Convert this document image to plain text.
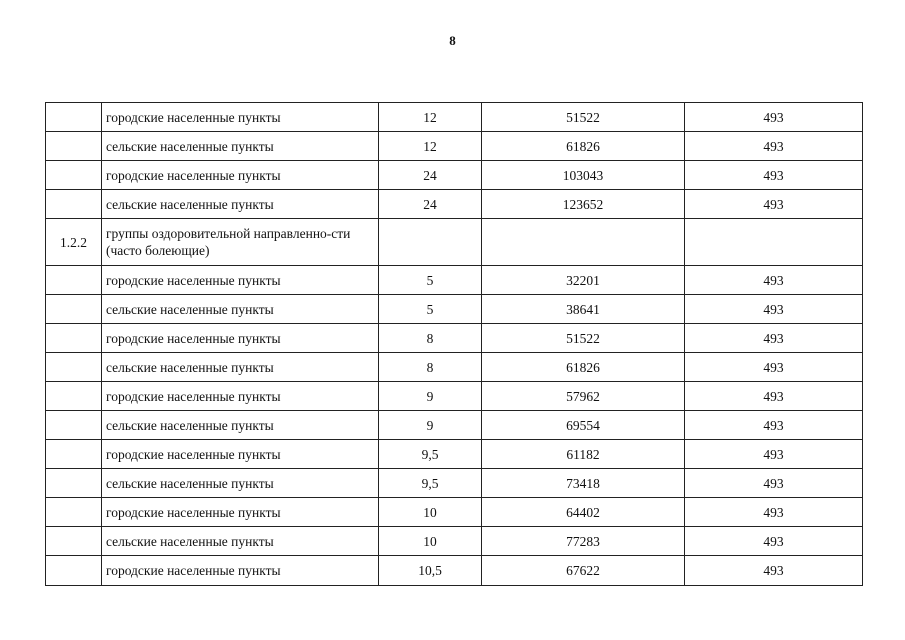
8
	городские населенные пункты	12	51522	493
	сельские населенные пункты	12	61826	493
	городские населенные пункты	24	103043	493
	сельские населенные пункты	24	123652	493
1.2.2	группы оздоровительной направленно-сти (часто болеющие)			
	городские населенные пункты	5	32201	493
	сельские населенные пункты	5	38641	493
	городские населенные пункты	8	51522	493
	сельские населенные пункты	8	61826	493
	городские населенные пункты	9	57962	493
	сельские населенные пункты	9	69554	493
	городские населенные пункты	9,5	61182	493
	сельские населенные пункты	9,5	73418	493
	городские населенные пункты	10	64402	493
	сельские населенные пункты	10	77283	493
	городские населенные пункты	10,5	67622	493
